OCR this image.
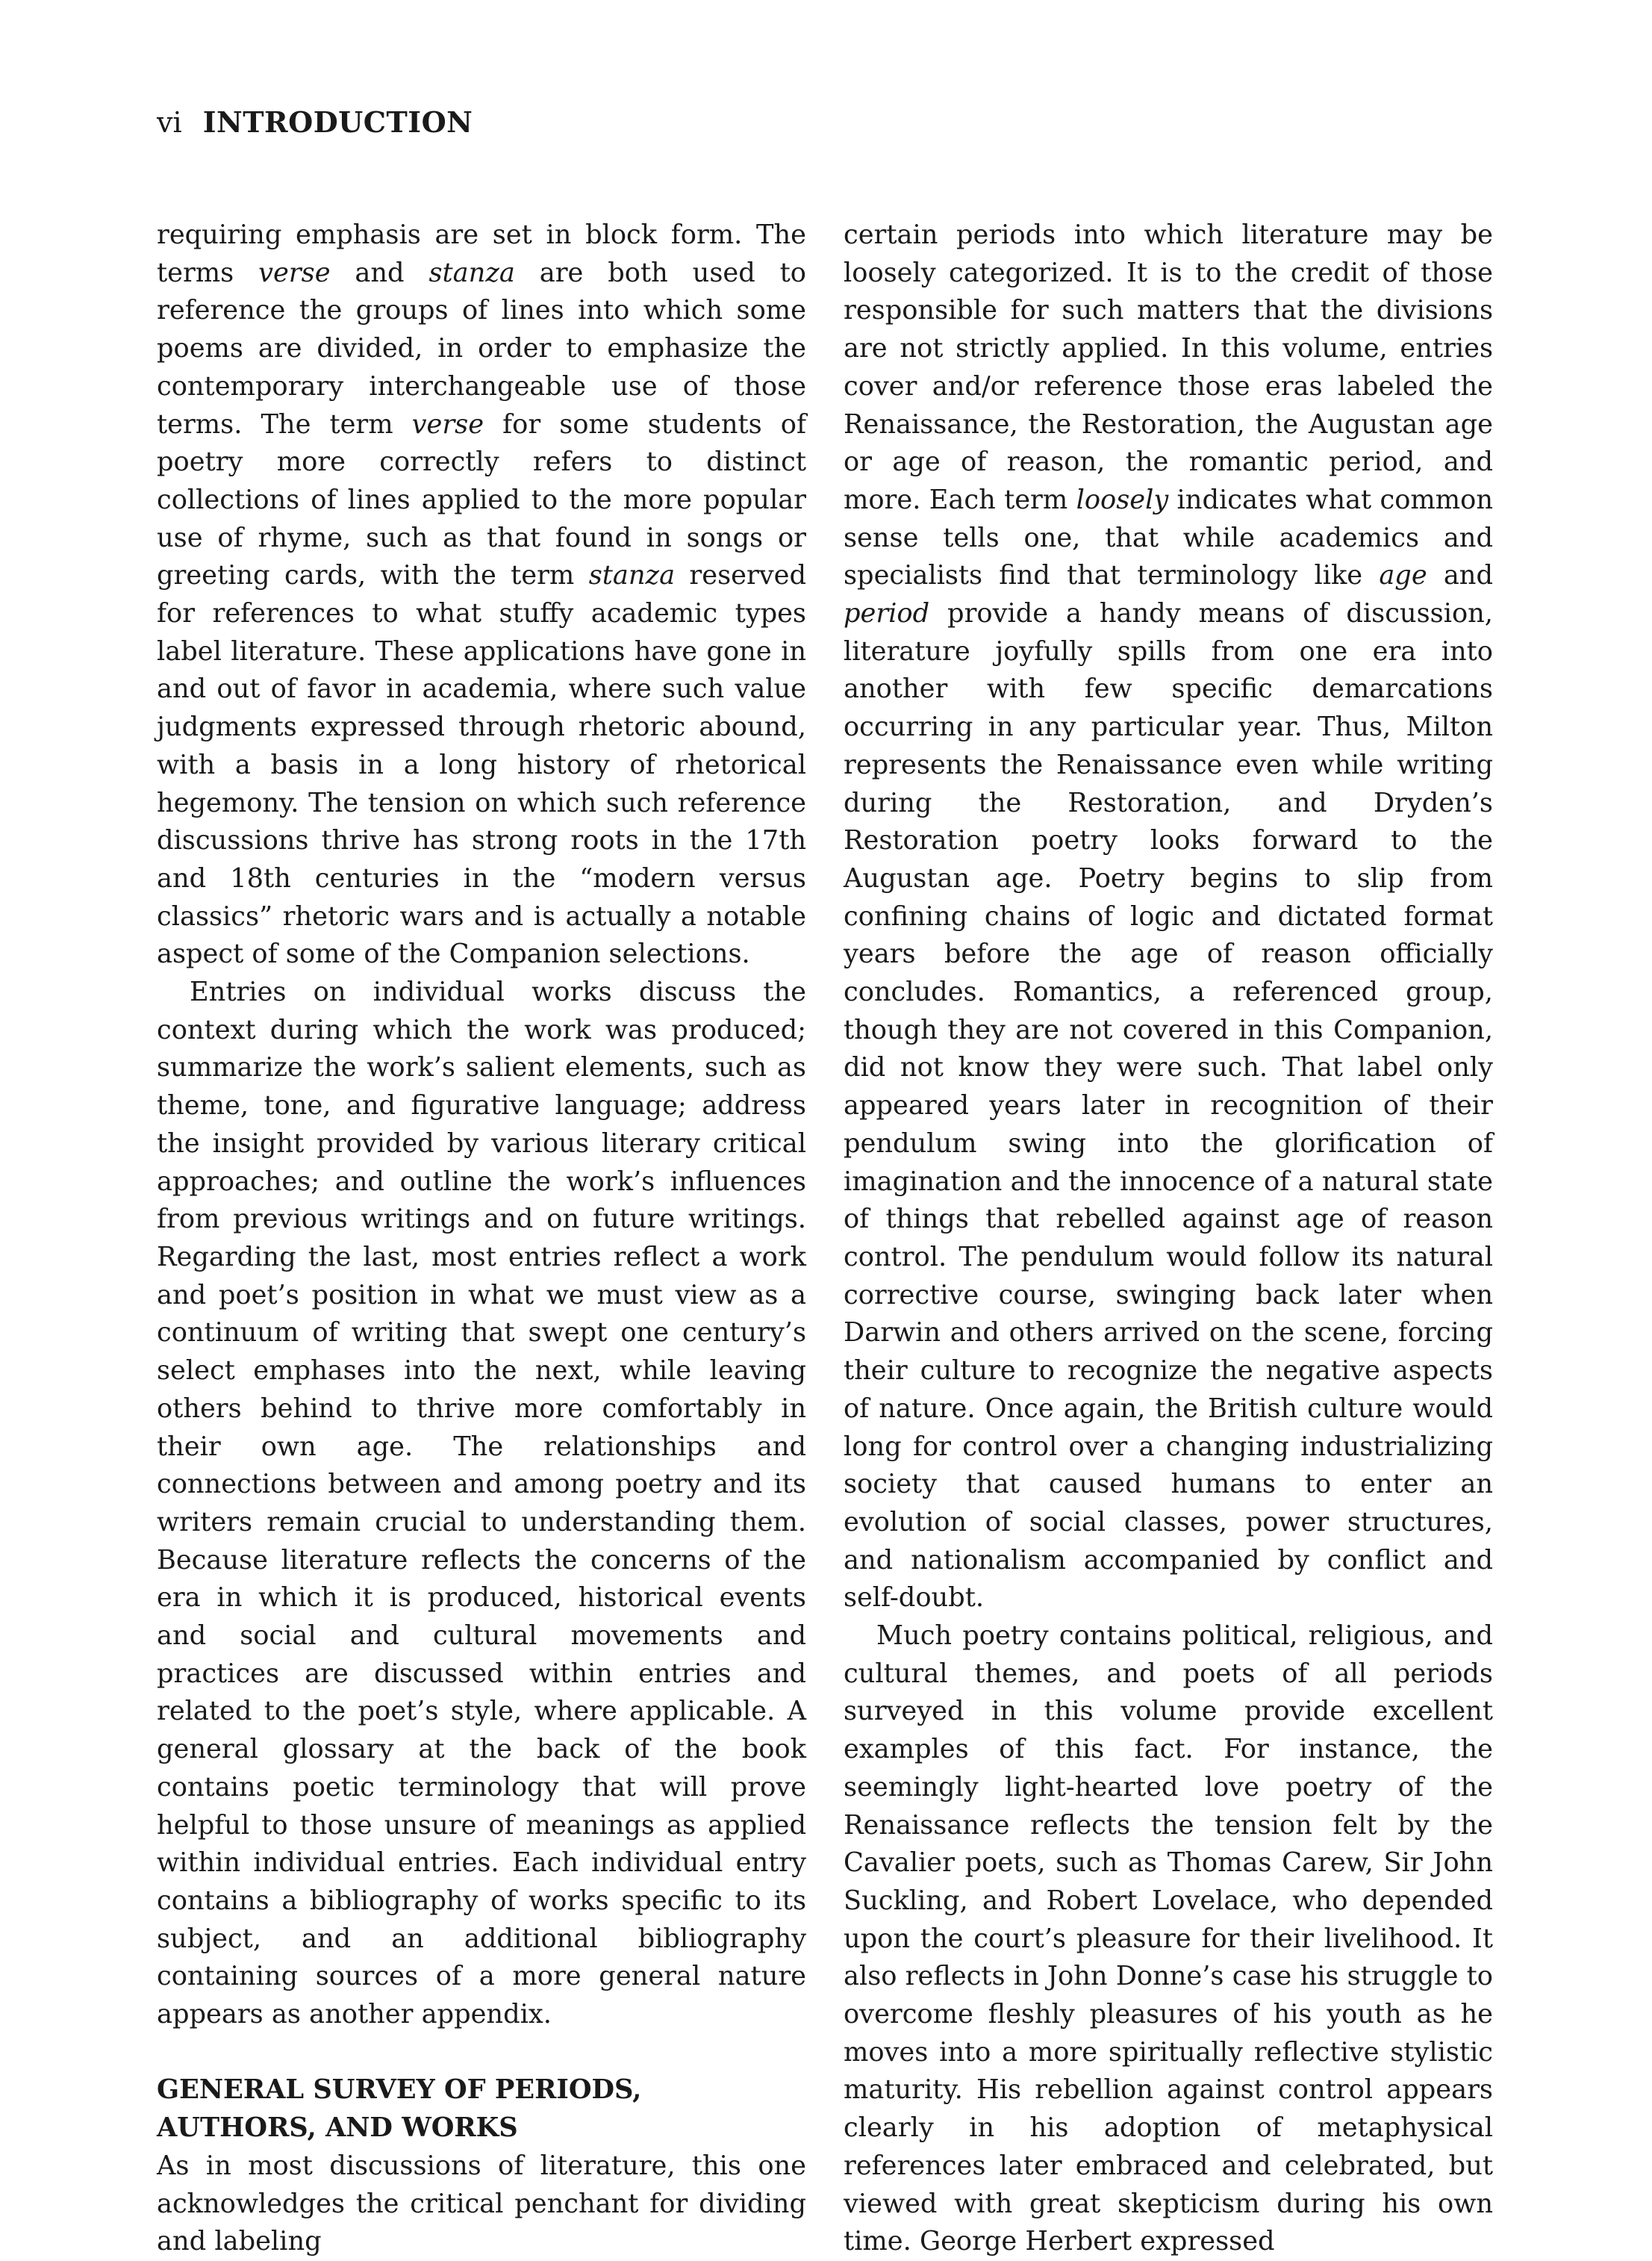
vi INTRODUCTION

requiring emphasis are set in block form. The terms verse and stanza are both used to reference the groups of lines into which some poems are divided, in order to emphasize the contemporary interchangeable use of those terms. The term verse for some students of poetry more correctly refers to distinct collections of lines applied to the more popular use of rhyme, such as that found in songs or greeting cards, with the term stanza reserved for references to what stuffy academic types label literature. These applications have gone in and out of favor in academia, where such value judgments expressed through rhetoric abound, with a basis in a long history of rhetorical hegemony. The tension on which such reference discussions thrive has strong roots in the 17th and 18th centuries in the “modern versus classics” rhetoric wars and is actually a notable aspect of some of the Companion selections.

Entries on individual works discuss the context during which the work was produced; summarize the work’s salient elements, such as theme, tone, and figurative language; address the insight provided by various literary critical approaches; and outline the work’s influences from previous writings and on future writings. Regarding the last, most entries reflect a work and poet’s position in what we must view as a continuum of writing that swept one century’s select emphases into the next, while leaving others behind to thrive more comfortably in their own age. The relationships and connections between and among poetry and its writers remain crucial to understanding them. Because literature reflects the concerns of the era in which it is produced, historical events and social and cultural movements and practices are discussed within entries and related to the poet’s style, where applicable. A general glossary at the back of the book contains poetic terminology that will prove helpful to those unsure of meanings as applied within individual entries. Each individual entry contains a bibliography of works specific to its subject, and an additional bibliography containing sources of a more general nature appears as another appendix.

GENERAL SURVEY OF PERIODS,
AUTHORS, AND WORKS

As in most discussions of literature, this one acknowledges the critical penchant for dividing and labeling

certain periods into which literature may be loosely categorized. It is to the credit of those responsible for such matters that the divisions are not strictly applied. In this volume, entries cover and/or reference those eras labeled the Renaissance, the Restoration, the Augustan age or age of reason, the romantic period, and more. Each term loosely indicates what common sense tells one, that while academics and specialists find that terminology like age and period provide a handy means of discussion, literature joyfully spills from one era into another with few specific demarcations occurring in any particular year. Thus, Milton represents the Renaissance even while writing during the Restoration, and Dryden’s Restoration poetry looks forward to the Augustan age. Poetry begins to slip from confining chains of logic and dictated format years before the age of reason officially concludes. Romantics, a referenced group, though they are not covered in this Companion, did not know they were such. That label only appeared years later in recognition of their pendulum swing into the glorification of imagination and the innocence of a natural state of things that rebelled against age of reason control. The pendulum would follow its natural corrective course, swinging back later when Darwin and others arrived on the scene, forcing their culture to recognize the negative aspects of nature. Once again, the British culture would long for control over a changing industrializing society that caused humans to enter an evolution of social classes, power structures, and nationalism accompanied by conflict and self-doubt.

Much poetry contains political, religious, and cultural themes, and poets of all periods surveyed in this volume provide excellent examples of this fact. For instance, the seemingly light-hearted love poetry of the Renaissance reflects the tension felt by the Cavalier poets, such as Thomas Carew, Sir John Suckling, and Robert Lovelace, who depended upon the court’s pleasure for their livelihood. It also reflects in John Donne’s case his struggle to overcome fleshly pleasures of his youth as he moves into a more spiritually reflective stylistic maturity. His rebellion against control appears clearly in his adoption of metaphysical references later embraced and celebrated, but viewed with great skepticism during his own time. George Herbert expressed
